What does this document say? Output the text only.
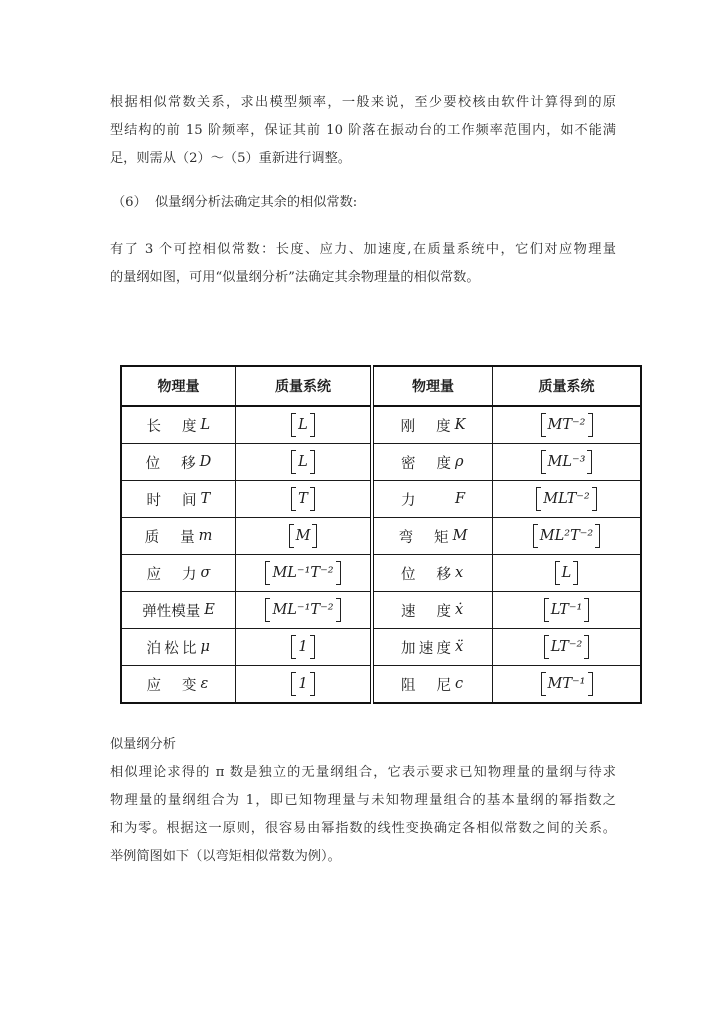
根据相似常数关系，求出模型频率，一般来说，至少要校核由软件计算得到的原
型结构的前 15 阶频率，保证其前 10 阶落在振动台的工作频率范围内，如不能满
足，则需从（2）～（5）重新进行调整。
（6） 似量纲分析法确定其余的相似常数:
有了 3 个可控相似常数：长度、应力、加速度,在质量系统中，它们对应物理量
的量纲如图，可用“似量纲分析”法确定其余物理量的相似常数。
物理量	质量系统	物理量	质量系统
长 度 L	L	刚 度 K	MT⁻²
位 移 D	L	密 度 ρ	ML⁻³
时 间 T	T	力 F	MLT⁻²
质 量 m	M	弯 矩 M	ML²T⁻²
应 力 σ	ML⁻¹T⁻²	位 移 x	L
弹性模量 E	ML⁻¹T⁻²	速 度 ẋ	LT⁻¹
泊松比 μ	1	加速度 ẍ	LT⁻²
应 变 ε	1	阻 尼 c	MT⁻¹
似量纲分析
相似理论求得的 π 数是独立的无量纲组合，它表示要求已知物理量的量纲与待求
物理量的量纲组合为 1，即已知物理量与未知物理量组合的基本量纲的幂指数之
和为零。根据这一原则，很容易由幂指数的线性变换确定各相似常数之间的关系。
举例简图如下（以弯矩相似常数为例）。
